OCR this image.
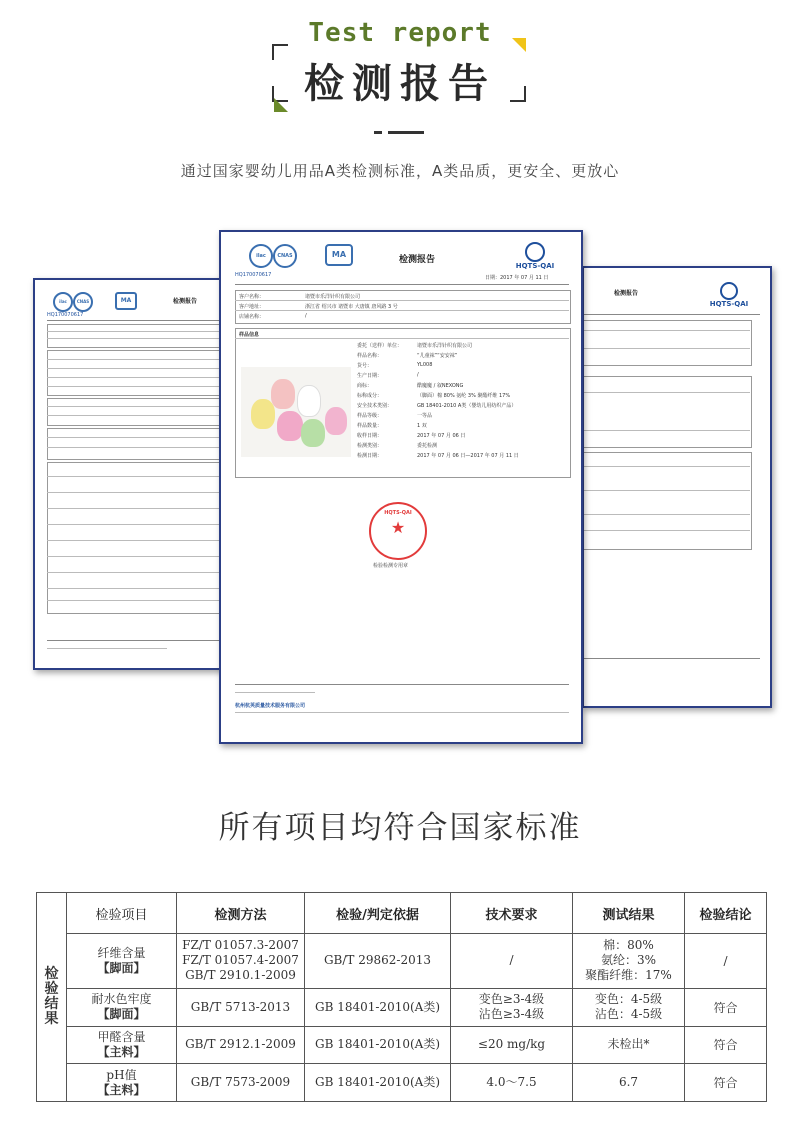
Test report
检测报告
通过国家婴幼儿用品A类检测标准，A类品质，更安全、更放心
ilac	CNAS	MA	检测报告
HQ170070617
检测报告
HQTS-QAI
ilac	CNAS	MA
检测报告
HQTS-QAI
HQ170070617	日期：2017 年 07 月 11 日
客户名称：	诸暨市乐洋针织有限公司
客户地址：	浙江省 绍兴市 诸暨市 大唐镇 唐风路 3 号
店铺名称：	/
样品信息
委托（送样）单位：	诸暨市乐洋针织有限公司
样品名称：	“儿童袜”“安安袜”
货号：	YL008
生产日期：	/
商标：	酷魔魔 / 叙NEXONG
标称成分：	（脚面）棉 80% 氨纶 3% 聚酯纤维 17%
安全技术类别：	GB 18401-2010 A类（婴幼儿用纺织产品）
样品等级：	一等品
样品数量：	1 双
收样日期：	2017 年 07 月 06 日
检测类别：	委托检测
检测日期：	2017 年 07 月 06 日—2017 年 07 月 11 日
HQTS-QAI
★
检验检测专用章
杭州杭英质量技术服务有限公司
所有项目均符合国家标准
检
验
结
果	检验项目	检测方法	检验/判定依据	技术要求	测试结果	检验结论

	纤维含量
【脚面】	FZ/T 01057.3-2007
FZ/T 01057.4-2007
GB/T 2910.1-2009	GB/T 29862-2013	/	棉：80%
氨纶：3%
聚酯纤维：17%	/

	耐水色牢度
【脚面】	GB/T 5713-2013	GB 18401-2010(A类)	变色≥3-4级
沾色≥3-4级	变色：4-5级
沾色：4-5级	符合

	甲醛含量
【主料】	GB/T 2912.1-2009	GB 18401-2010(A类)	≤20 mg/kg	未检出*	符合

	pH值
【主料】	GB/T 7573-2009	GB 18401-2010(A类)	4.0～7.5	6.7	符合
